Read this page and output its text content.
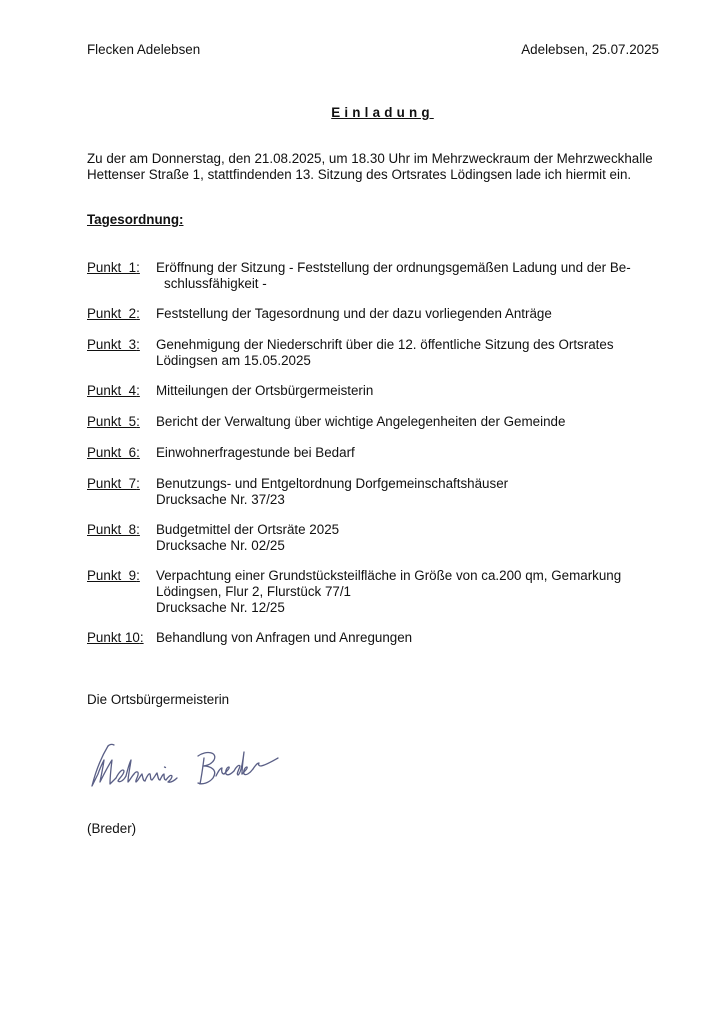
Flecken Adelebsen	Adelebsen, 25.07.2025
Einladung

Zu der am Donnerstag, den 21.08.2025, um 18.30 Uhr im Mehrzweckraum der Mehrzweckhalle

Hettenser Straße 1, stattfindenden 13. Sitzung des Ortsrates Lödingsen lade ich hiermit ein.

Tagesordnung:
Punkt  1: Eröffnung der Sitzung - Feststellung der ordnungsgemäßen Ladung und der Be-
schlussfähigkeit -
Punkt  2: Feststellung der Tagesordnung und der dazu vorliegenden Anträge
Punkt  3: Genehmigung der Niederschrift über die 12. öffentliche Sitzung des Ortsrates
Lödingsen am 15.05.2025
Punkt  4: Mitteilungen der Ortsbürgermeisterin
Punkt  5: Bericht der Verwaltung über wichtige Angelegenheiten der Gemeinde
Punkt  6: Einwohnerfragestunde bei Bedarf
Punkt  7: Benutzungs- und Entgeltordnung Dorfgemeinschaftshäuser
Drucksache Nr. 37/23
Punkt  8: Budgetmittel der Ortsräte 2025
Drucksache Nr. 02/25
Punkt  9: Verpachtung einer Grundstücksteilfläche in Größe von ca.200 qm, Gemarkung
Lödingsen, Flur 2, Flurstück 77/1
Drucksache Nr. 12/25
Punkt 10: Behandlung von Anfragen und Anregungen
Die Ortsbürgermeisterin
(Breder)
